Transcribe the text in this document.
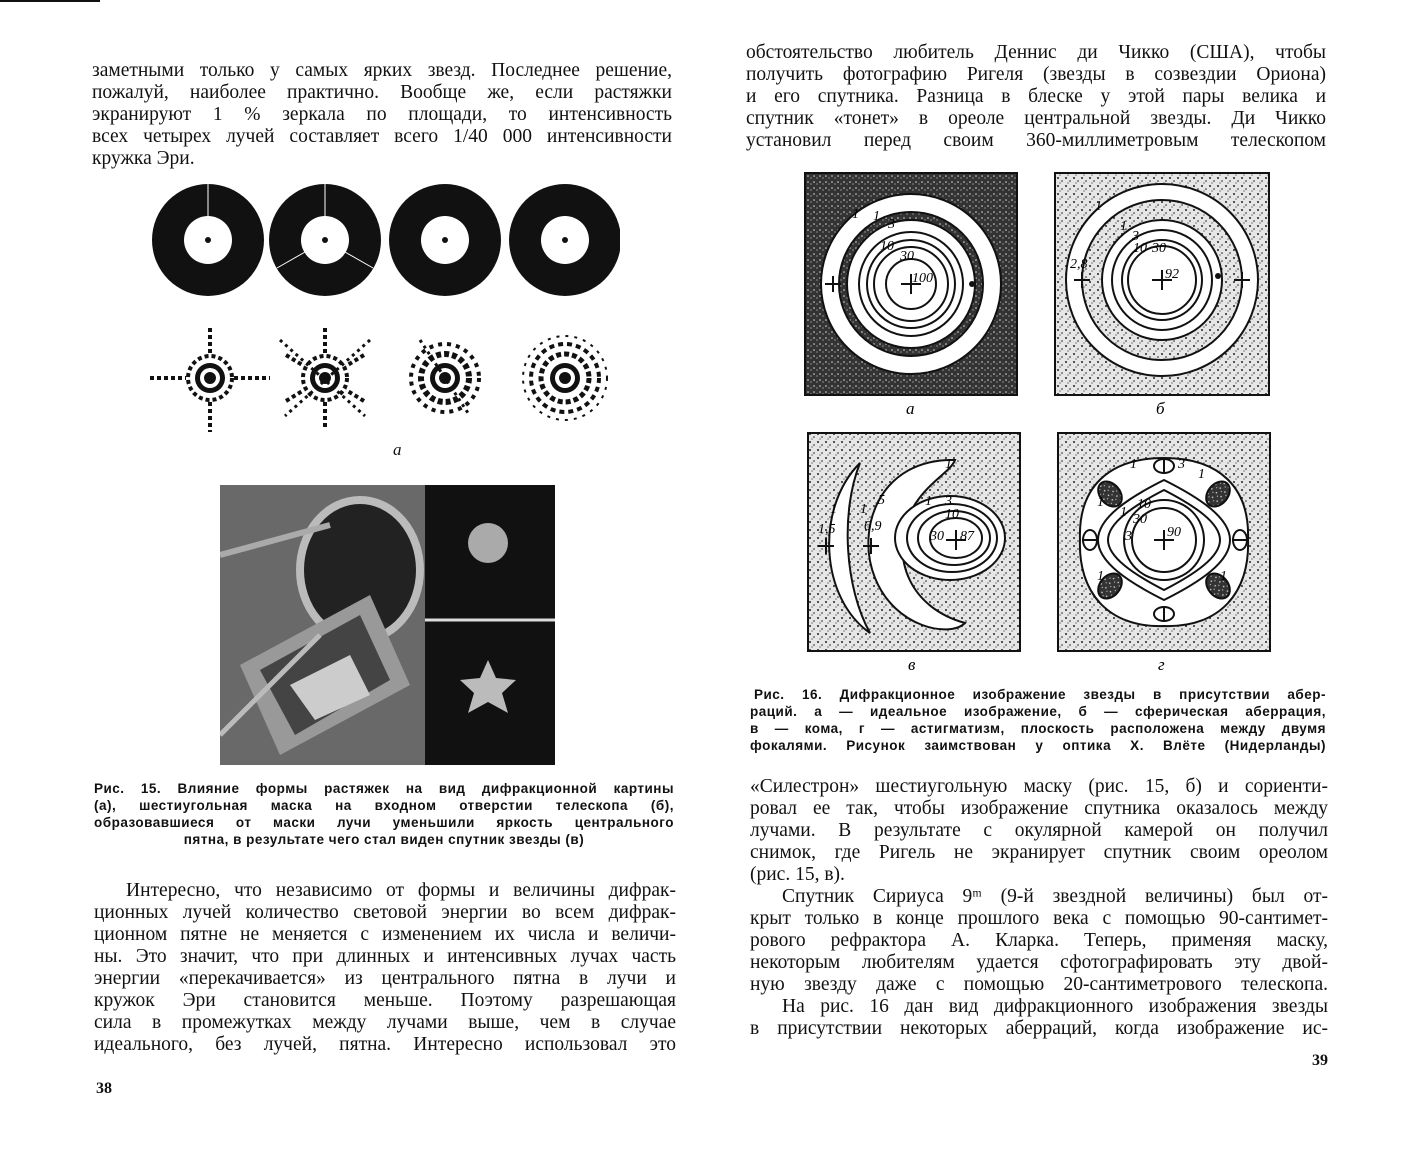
заметными только у самых ярких звезд. Последнее решение,
пожалуй, наиболее практично. Вообще же, если растяжки
экранируют 1 % зеркала по площади, то интенсивность
всех четырех лучей составляет всего 1/40 000 интенсивности
кружка Эри.
а
Рис. 15. Влияние формы растяжек на вид дифракционной картины
(а), шестиугольная маска на входном отверстии телескопа (б),
образовавшиеся от маски лучи уменьшили яркость центрального
пятна, в результате чего стал виден спутник звезды (в)
Интересно, что независимо от формы и величины дифрак-
ционных лучей количество световой энергии во всем дифрак-
ционном пятне не меняется с изменением их числа и величи-
ны. Это значит, что при длинных и интенсивных лучах часть
энергии «перекачивается» из центрального пятна в лучи и
кружок Эри становится меньше. Поэтому разрешающая
сила в промежутках между лучами выше, чем в случае
идеального, без лучей, пятна. Интересно использовал это
38
обстоятельство любитель Деннис ди Чикко (США), чтобы
получить фотографию Ригеля (звезды в созвездии Ориона)
и его спутника. Разница в блеске у этой пары велика и
спутник «тонет» в ореоле центральной звезды. Ди Чикко
установил перед своим 360-миллиметровым телескопом
1 1
3
10
30
100
1
1
3
10 30
2,8
92
1
1 1
5
1,5 6,9
1 3
10
30 87
1	3
1
1
1
3
10
30
90
1	1
а	б
в	г
Рис. 16. Дифракционное изображение звезды в присутствии абер-
раций. а — идеальное изображение, б — сферическая аберрация,
в — кома, г — астигматизм, плоскость расположена между двумя
фокалями. Рисунок заимствован у оптика Х. Влёте (Нидерланды)
«Силестрон» шестиугольную маску (рис. 15, б) и сориенти-
ровал ее так, чтобы изображение спутника оказалось между
лучами. В результате с окулярной камерой он получил
снимок, где Ригель не экранирует спутник своим ореолом
(рис. 15, в).
Спутник Сириуса 9ᵐ (9-й звездной величины) был от-
крыт только в конце прошлого века с помощью 90-сантимет-
рового рефрактора А. Кларка. Теперь, применяя маску,
некоторым любителям удается сфотографировать эту двой-
ную звезду даже с помощью 20-сантиметрового телескопа.
На рис. 16 дан вид дифракционного изображения звезды
в присутствии некоторых аберраций, когда изображение ис-
39
